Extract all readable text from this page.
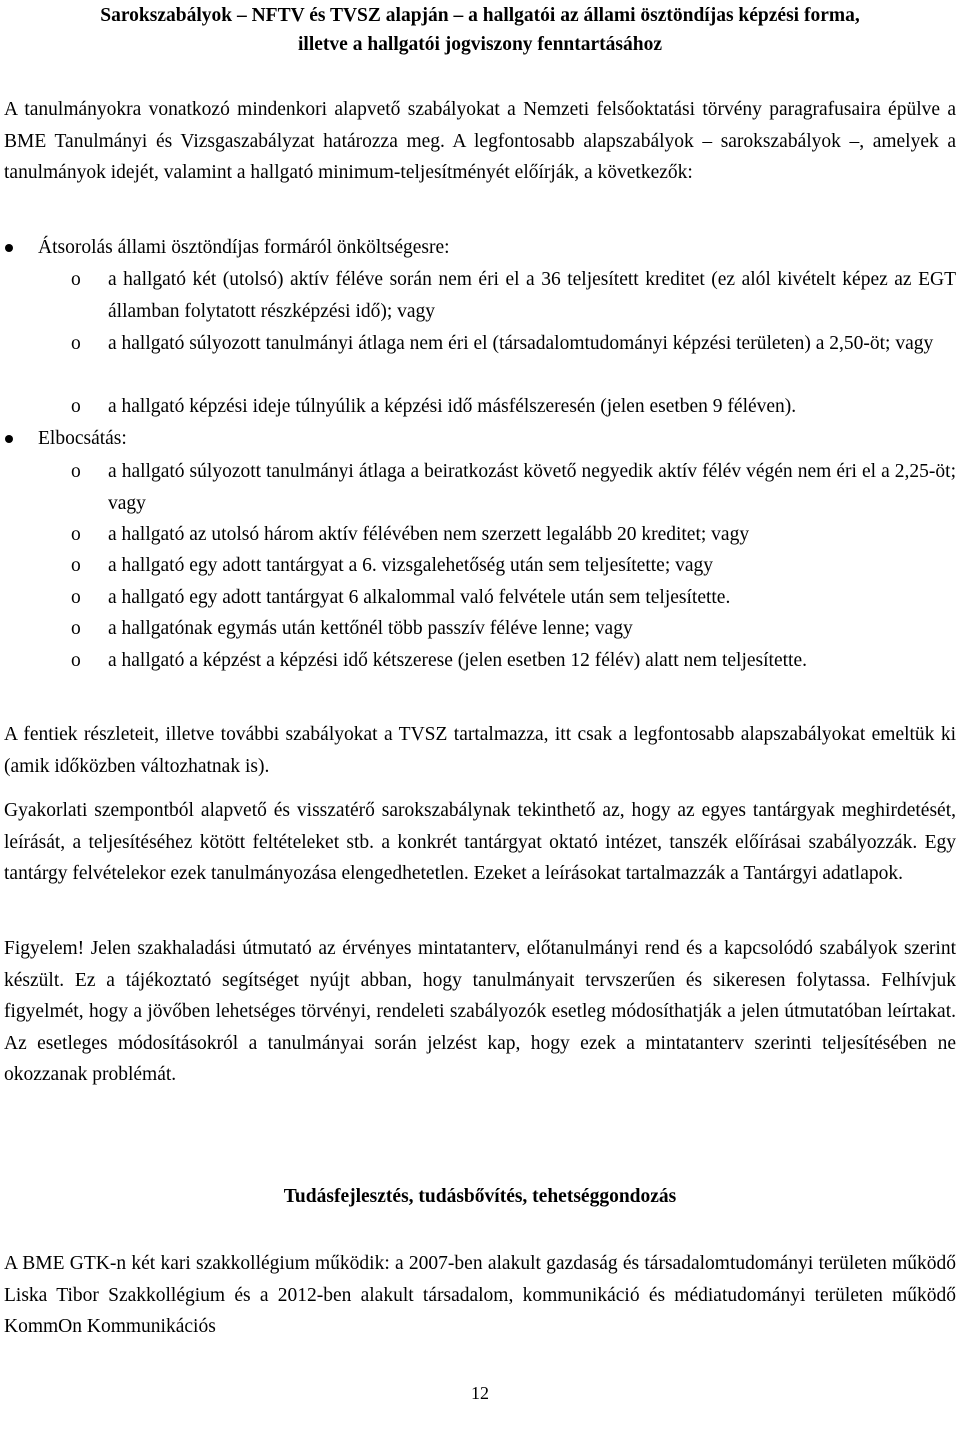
Sarokszabályok – NFTV és TVSZ alapján – a hallgatói az állami ösztöndíjas képzési forma,

illetve a hallgatói jogviszony fenntartásához

A tanulmányokra vonatkozó mindenkori alapvető szabályokat a Nemzeti felsőoktatási törvény paragrafusaira épülve a BME Tanulmányi és Vizsgaszabályzat határozza meg. A legfontosabb alapszabályok – sarokszabályok –, amelyek a tanulmányok idejét, valamint a hallgató minimum-teljesítményét előírják, a következők:

Átsorolás állami ösztöndíjas formáról önköltségesre:
o a hallgató két (utolsó) aktív féléve során nem éri el a 36 teljesített kreditet (ez alól kivételt képez az EGT államban folytatott részképzési idő); vagy
o a hallgató súlyozott tanulmányi átlaga nem éri el (társadalomtudományi képzési területen) a 2,50-öt; vagy
o a hallgató képzési ideje túlnyúlik a képzési idő másfélszeresén (jelen esetben 9 féléven).
Elbocsátás:
o a hallgató súlyozott tanulmányi átlaga a beiratkozást követő negyedik aktív félév végén nem éri el a 2,25-öt; vagy
o a hallgató az utolsó három aktív félévében nem szerzett legalább 20 kreditet; vagy
o a hallgató egy adott tantárgyat a 6. vizsgalehetőség után sem teljesítette; vagy
o a hallgató egy adott tantárgyat 6 alkalommal való felvétele után sem teljesítette.
o a hallgatónak egymás után kettőnél több passzív féléve lenne; vagy
o a hallgató a képzést a képzési idő kétszerese (jelen esetben 12 félév) alatt nem teljesítette.

A fentiek részleteit, illetve további szabályokat a TVSZ tartalmazza, itt csak a legfontosabb alapszabályokat emeltük ki (amik időközben változhatnak is).

Gyakorlati szempontból alapvető és visszatérő sarokszabálynak tekinthető az, hogy az egyes tantárgyak meghirdetését, leírását, a teljesítéséhez kötött feltételeket stb. a konkrét tantárgyat oktató intézet, tanszék előírásai szabályozzák. Egy tantárgy felvételekor ezek tanulmányozása elengedhetetlen. Ezeket a leírásokat tartalmazzák a Tantárgyi adatlapok.

Figyelem! Jelen szakhaladási útmutató az érvényes mintatanterv, előtanulmányi rend és a kapcsolódó szabályok szerint készült. Ez a tájékoztató segítséget nyújt abban, hogy tanulmányait tervszerűen és sikeresen folytassa. Felhívjuk figyelmét, hogy a jövőben lehetséges törvényi, rendeleti szabályozók esetleg módosíthatják a jelen útmutatóban leírtakat. Az esetleges módosításokról a tanulmányai során jelzést kap, hogy ezek a mintatanterv szerinti teljesítésében ne okozzanak problémát.

Tudásfejlesztés, tudásbővítés, tehetséggondozás

A BME GTK-n két kari szakkollégium működik: a 2007-ben alakult gazdaság és társadalomtudományi területen működő Liska Tibor Szakkollégium és a 2012-ben alakult társadalom, kommunikáció és médiatudományi területen működő KommOn Kommunikációs

12
